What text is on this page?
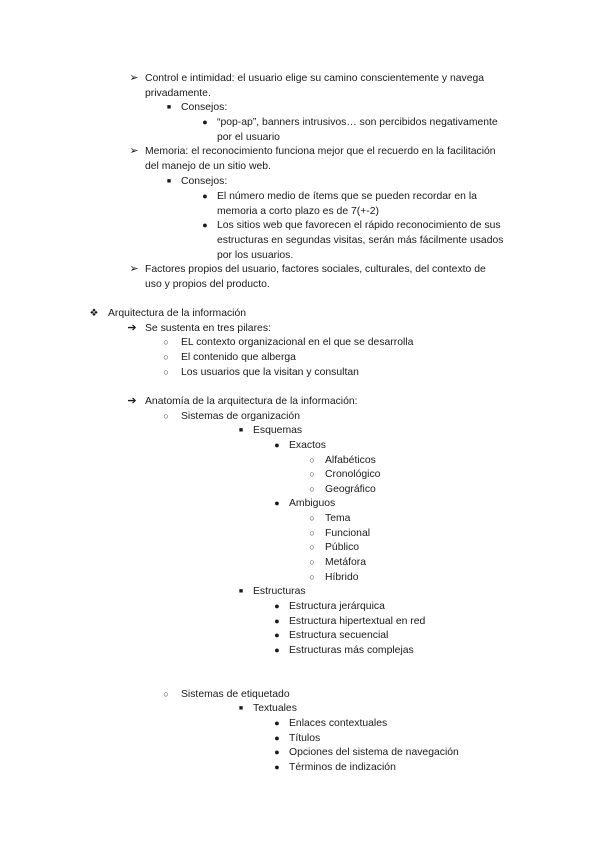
➢ Control e intimidad: el usuario elige su camino conscientemente y navega
privadamente.
■ Consejos:
● “pop-ap”, banners intrusivos… son percibidos negativamente
por el usuario
➢ Memoria: el reconocimiento funciona mejor que el recuerdo en la facilitación
del manejo de un sitio web.
■ Consejos:
● El número medio de ítems que se pueden recordar en la
memoria a corto plazo es de 7(+-2)
● Los sitios web que favorecen el rápido reconocimiento de sus
estructuras en segundas visitas, serán más fácilmente usados
por los usuarios.
➢ Factores propios del usuario, factores sociales, culturales, del contexto de
uso y propios del producto.
❖ Arquitectura de la información
➔ Se sustenta en tres pilares:
○	EL contexto organizacional en el que se desarrolla
○	El contenido que alberga
○	Los usuarios que la visitan y consultan
➔ Anatomía de la arquitectura de la información:
○	Sistemas de organización
■ Esquemas
● Exactos
○ Alfabéticos
○ Cronológico
○ Geográfico
● Ambiguos
○ Tema
○ Funcional
○ Público
○ Metáfora
○ Híbrido
■ Estructuras
● Estructura jerárquica
● Estructura hipertextual en red
● Estructura secuencial
● Estructuras más complejas
○	Sistemas de etiquetado
■ Textuales
● Enlaces contextuales
● Títulos
● Opciones del sistema de navegación
● Términos de indización
